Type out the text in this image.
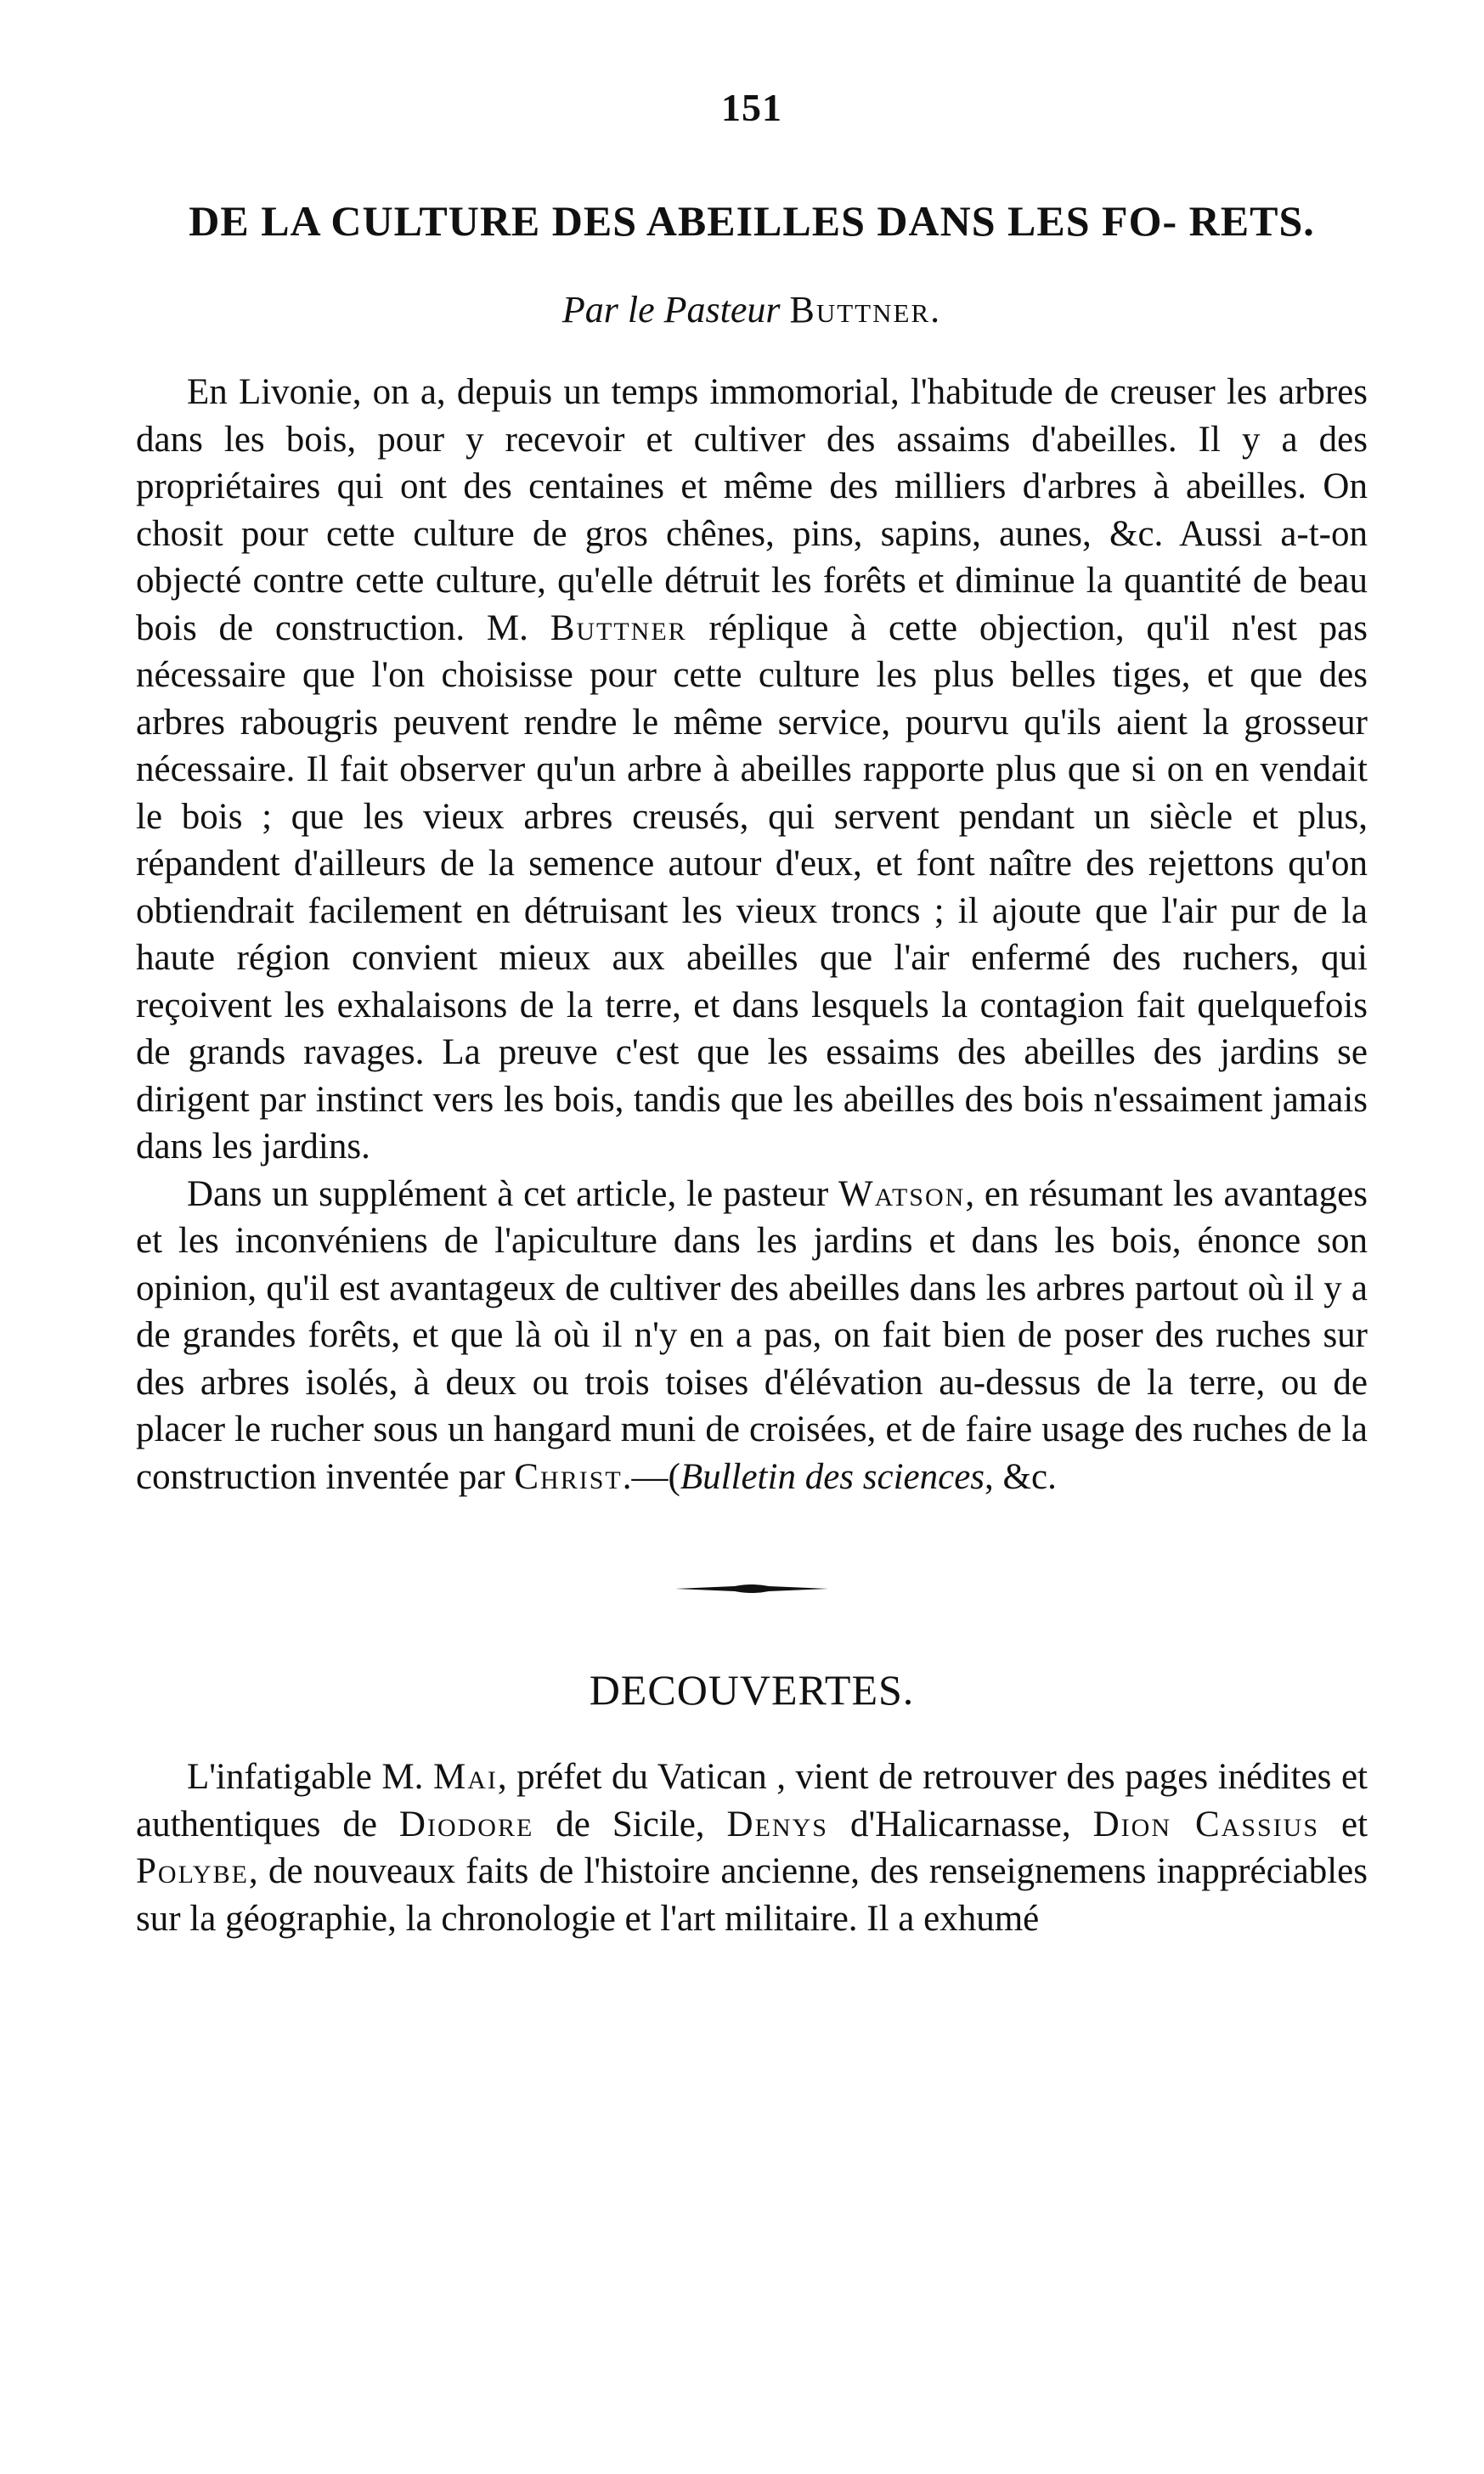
151
DE LA CULTURE DES ABEILLES DANS LES FO- RETS.
Par le Pasteur Buttner.

En Livonie, on a, depuis un temps immomorial, l'habitude de creuser les arbres dans les bois, pour y recevoir et cultiver des assaims d'abeilles. Il y a des propriétaires qui ont des centaines et même des milliers d'arbres à abeilles. On chosit pour cette culture de gros chênes, pins, sapins, aunes, &c. Aussi a-t-on objecté contre cette culture, qu'elle détruit les forêts et diminue la quantité de beau bois de construction. M. Buttner réplique à cette objection, qu'il n'est pas nécessaire que l'on choisisse pour cette culture les plus belles tiges, et que des arbres rabougris peuvent rendre le même service, pourvu qu'ils aient la grosseur nécessaire. Il fait observer qu'un arbre à abeilles rapporte plus que si on en vendait le bois ; que les vieux arbres creusés, qui servent pendant un siècle et plus, répandent d'ailleurs de la semence autour d'eux, et font naître des rejettons qu'on obtiendrait facilement en détruisant les vieux troncs ; il ajoute que l'air pur de la haute région convient mieux aux abeilles que l'air enfermé des ruchers, qui reçoivent les exhalaisons de la terre, et dans lesquels la contagion fait quelquefois de grands ravages. La preuve c'est que les essaims des abeilles des jardins se dirigent par instinct vers les bois, tandis que les abeilles des bois n'essaiment jamais dans les jardins.

Dans un supplément à cet article, le pasteur Watson, en résumant les avantages et les inconvéniens de l'apiculture dans les jardins et dans les bois, énonce son opinion, qu'il est avantageux de cultiver des abeilles dans les arbres partout où il y a de grandes forêts, et que là où il n'y en a pas, on fait bien de poser des ruches sur des arbres isolés, à deux ou trois toises d'élévation au-dessus de la terre, ou de placer le rucher sous un hangard muni de croisées, et de faire usage des ruches de la construction inventée par Christ.—(Bulletin des sciences, &c.

DECOUVERTES.

L'infatigable M. Mai, préfet du Vatican , vient de retrouver des pages inédites et authentiques de Diodore de Sicile, Denys d'Halicarnasse, Dion Cassius et Polybe, de nouveaux faits de l'histoire ancienne, des renseignemens inappréciables sur la géographie, la chronologie et l'art militaire. Il a exhumé
